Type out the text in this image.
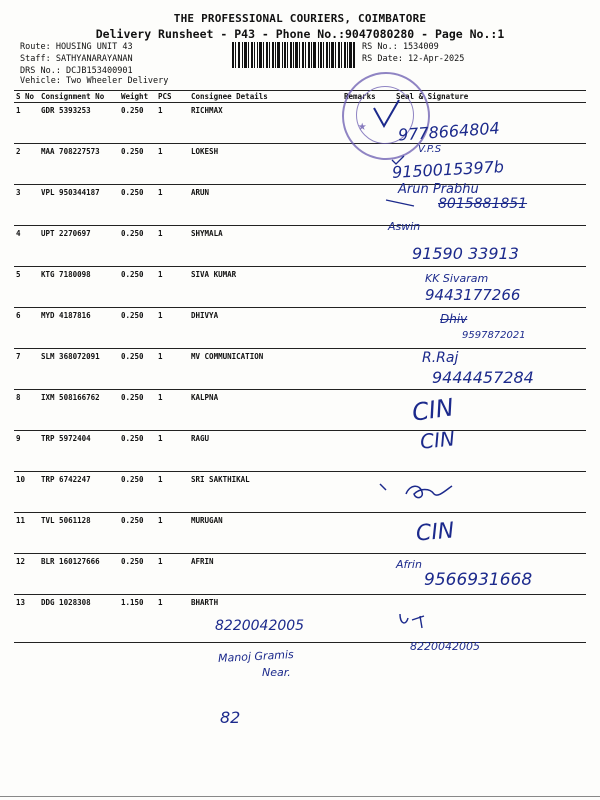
THE PROFESSIONAL COURIERS, COIMBATORE
Delivery Runsheet - P43 - Phone No.:9047080280 - Page No.:1
Route: HOUSING UNIT 43
Staff: SATHYANARAYANAN
DRS No.: DCJB153400901
Vehicle: Two Wheeler Delivery
RS No.: 1534009
RS Date: 12-Apr-2025
S No	Consignment No	Weight	PCS	Consignee Details	Remarks	Seal & Signature
1	GDR 5393253	0.250	1	RICHMAX		
2	MAA 708227573	0.250	1	LOKESH		
3	VPL 950344187	0.250	1	ARUN		
4	UPT 2270697	0.250	1	SHYMALA		
5	KTG 7180098	0.250	1	SIVA KUMAR		
6	MYD 4187816	0.250	1	DHIVYA		
7	SLM 368072091	0.250	1	MV COMMUNICATION		
8	IXM 508166762	0.250	1	KALPNA		
9	TRP 5972404	0.250	1	RAGU		
10	TRP 6742247	0.250	1	SRI SAKTHIKAL		
11	TVL 5061128	0.250	1	MURUGAN		
12	BLR 160127666	0.250	1	AFRIN		
13	DDG 1028308	1.150	1	BHARTH		
★ 9778664804
V.P.S
9150015397b
Arun Prabhu
8015881851
Aswin
91590 33913
KK Sivaram
9443177266
Dhiv
9597872021
R.Raj
9444457284
CIN
CIN
CIN
Afrin
9566931668
8220042005
8220042005
Manoj Gramis
Near.
82
